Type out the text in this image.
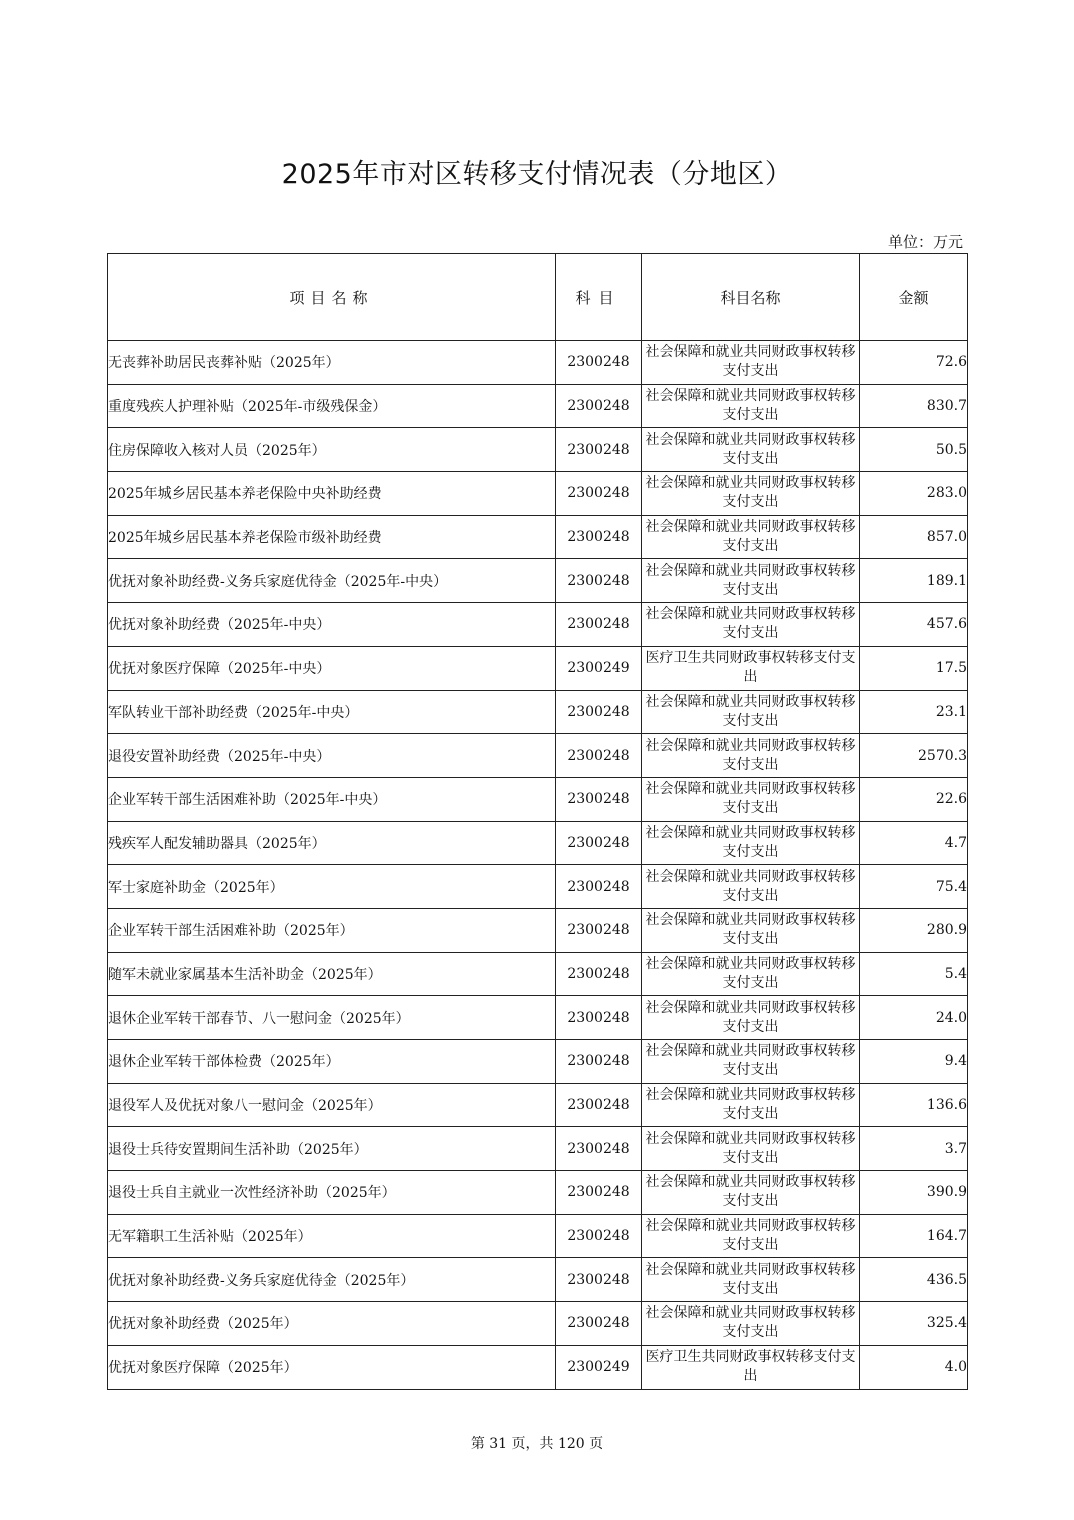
2025年市对区转移支付情况表（分地区）
单位：万元
项目名称	科目	科目名称	金额
无丧葬补助居民丧葬补贴（2025年）	2300248	社会保障和就业共同财政事权转移支付支出	72.6
重度残疾人护理补贴（2025年-市级残保金）	2300248	社会保障和就业共同财政事权转移支付支出	830.7
住房保障收入核对人员（2025年）	2300248	社会保障和就业共同财政事权转移支付支出	50.5
2025年城乡居民基本养老保险中央补助经费	2300248	社会保障和就业共同财政事权转移支付支出	283.0
2025年城乡居民基本养老保险市级补助经费	2300248	社会保障和就业共同财政事权转移支付支出	857.0
优抚对象补助经费-义务兵家庭优待金（2025年-中央）	2300248	社会保障和就业共同财政事权转移支付支出	189.1
优抚对象补助经费（2025年-中央）	2300248	社会保障和就业共同财政事权转移支付支出	457.6
优抚对象医疗保障（2025年-中央）	2300249	医疗卫生共同财政事权转移支付支出	17.5
军队转业干部补助经费（2025年-中央）	2300248	社会保障和就业共同财政事权转移支付支出	23.1
退役安置补助经费（2025年-中央）	2300248	社会保障和就业共同财政事权转移支付支出	2570.3
企业军转干部生活困难补助（2025年-中央）	2300248	社会保障和就业共同财政事权转移支付支出	22.6
残疾军人配发辅助器具（2025年）	2300248	社会保障和就业共同财政事权转移支付支出	4.7
军士家庭补助金（2025年）	2300248	社会保障和就业共同财政事权转移支付支出	75.4
企业军转干部生活困难补助（2025年）	2300248	社会保障和就业共同财政事权转移支付支出	280.9
随军未就业家属基本生活补助金（2025年）	2300248	社会保障和就业共同财政事权转移支付支出	5.4
退休企业军转干部春节、八一慰问金（2025年）	2300248	社会保障和就业共同财政事权转移支付支出	24.0
退休企业军转干部体检费（2025年）	2300248	社会保障和就业共同财政事权转移支付支出	9.4
退役军人及优抚对象八一慰问金（2025年）	2300248	社会保障和就业共同财政事权转移支付支出	136.6
退役士兵待安置期间生活补助（2025年）	2300248	社会保障和就业共同财政事权转移支付支出	3.7
退役士兵自主就业一次性经济补助（2025年）	2300248	社会保障和就业共同财政事权转移支付支出	390.9
无军籍职工生活补贴（2025年）	2300248	社会保障和就业共同财政事权转移支付支出	164.7
优抚对象补助经费-义务兵家庭优待金（2025年）	2300248	社会保障和就业共同财政事权转移支付支出	436.5
优抚对象补助经费（2025年）	2300248	社会保障和就业共同财政事权转移支付支出	325.4
优抚对象医疗保障（2025年）	2300249	医疗卫生共同财政事权转移支付支出	4.0
第 31 页，共 120 页
